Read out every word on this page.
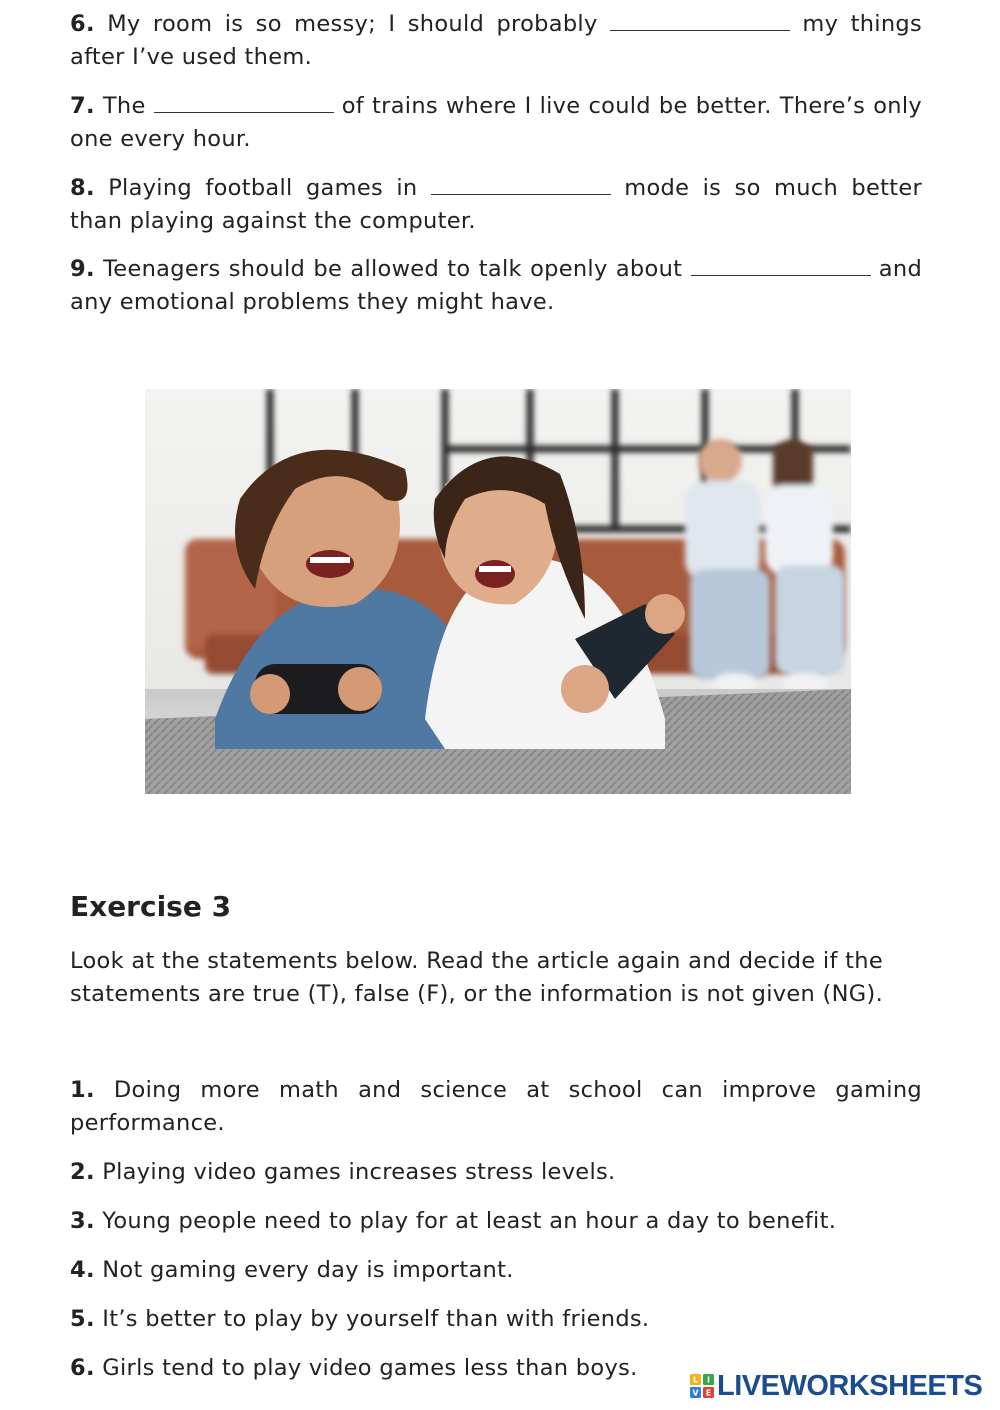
6. My room is so messy; I should probably	my things after I’ve used them.

7. The	of trains where I live could be better. There’s only one every hour.

8. Playing football games in	mode is so much better than playing against the computer.

9. Teenagers should be allowed to talk openly about	and any emotional problems they might have.

Exercise 3

Look at the statements below. Read the article again and decide if the statements are true (T), false (F), or the information is not given (NG).

1. Doing more math and science at school can improve gaming performance.

2. Playing video games increases stress levels.

3. Young people need to play for at least an hour a day to benefit.

4. Not gaming every day is important.

5. It’s better to play by yourself than with friends.

6. Girls tend to play video games less than boys.	L I
V E LIVEWORKSHEETS
